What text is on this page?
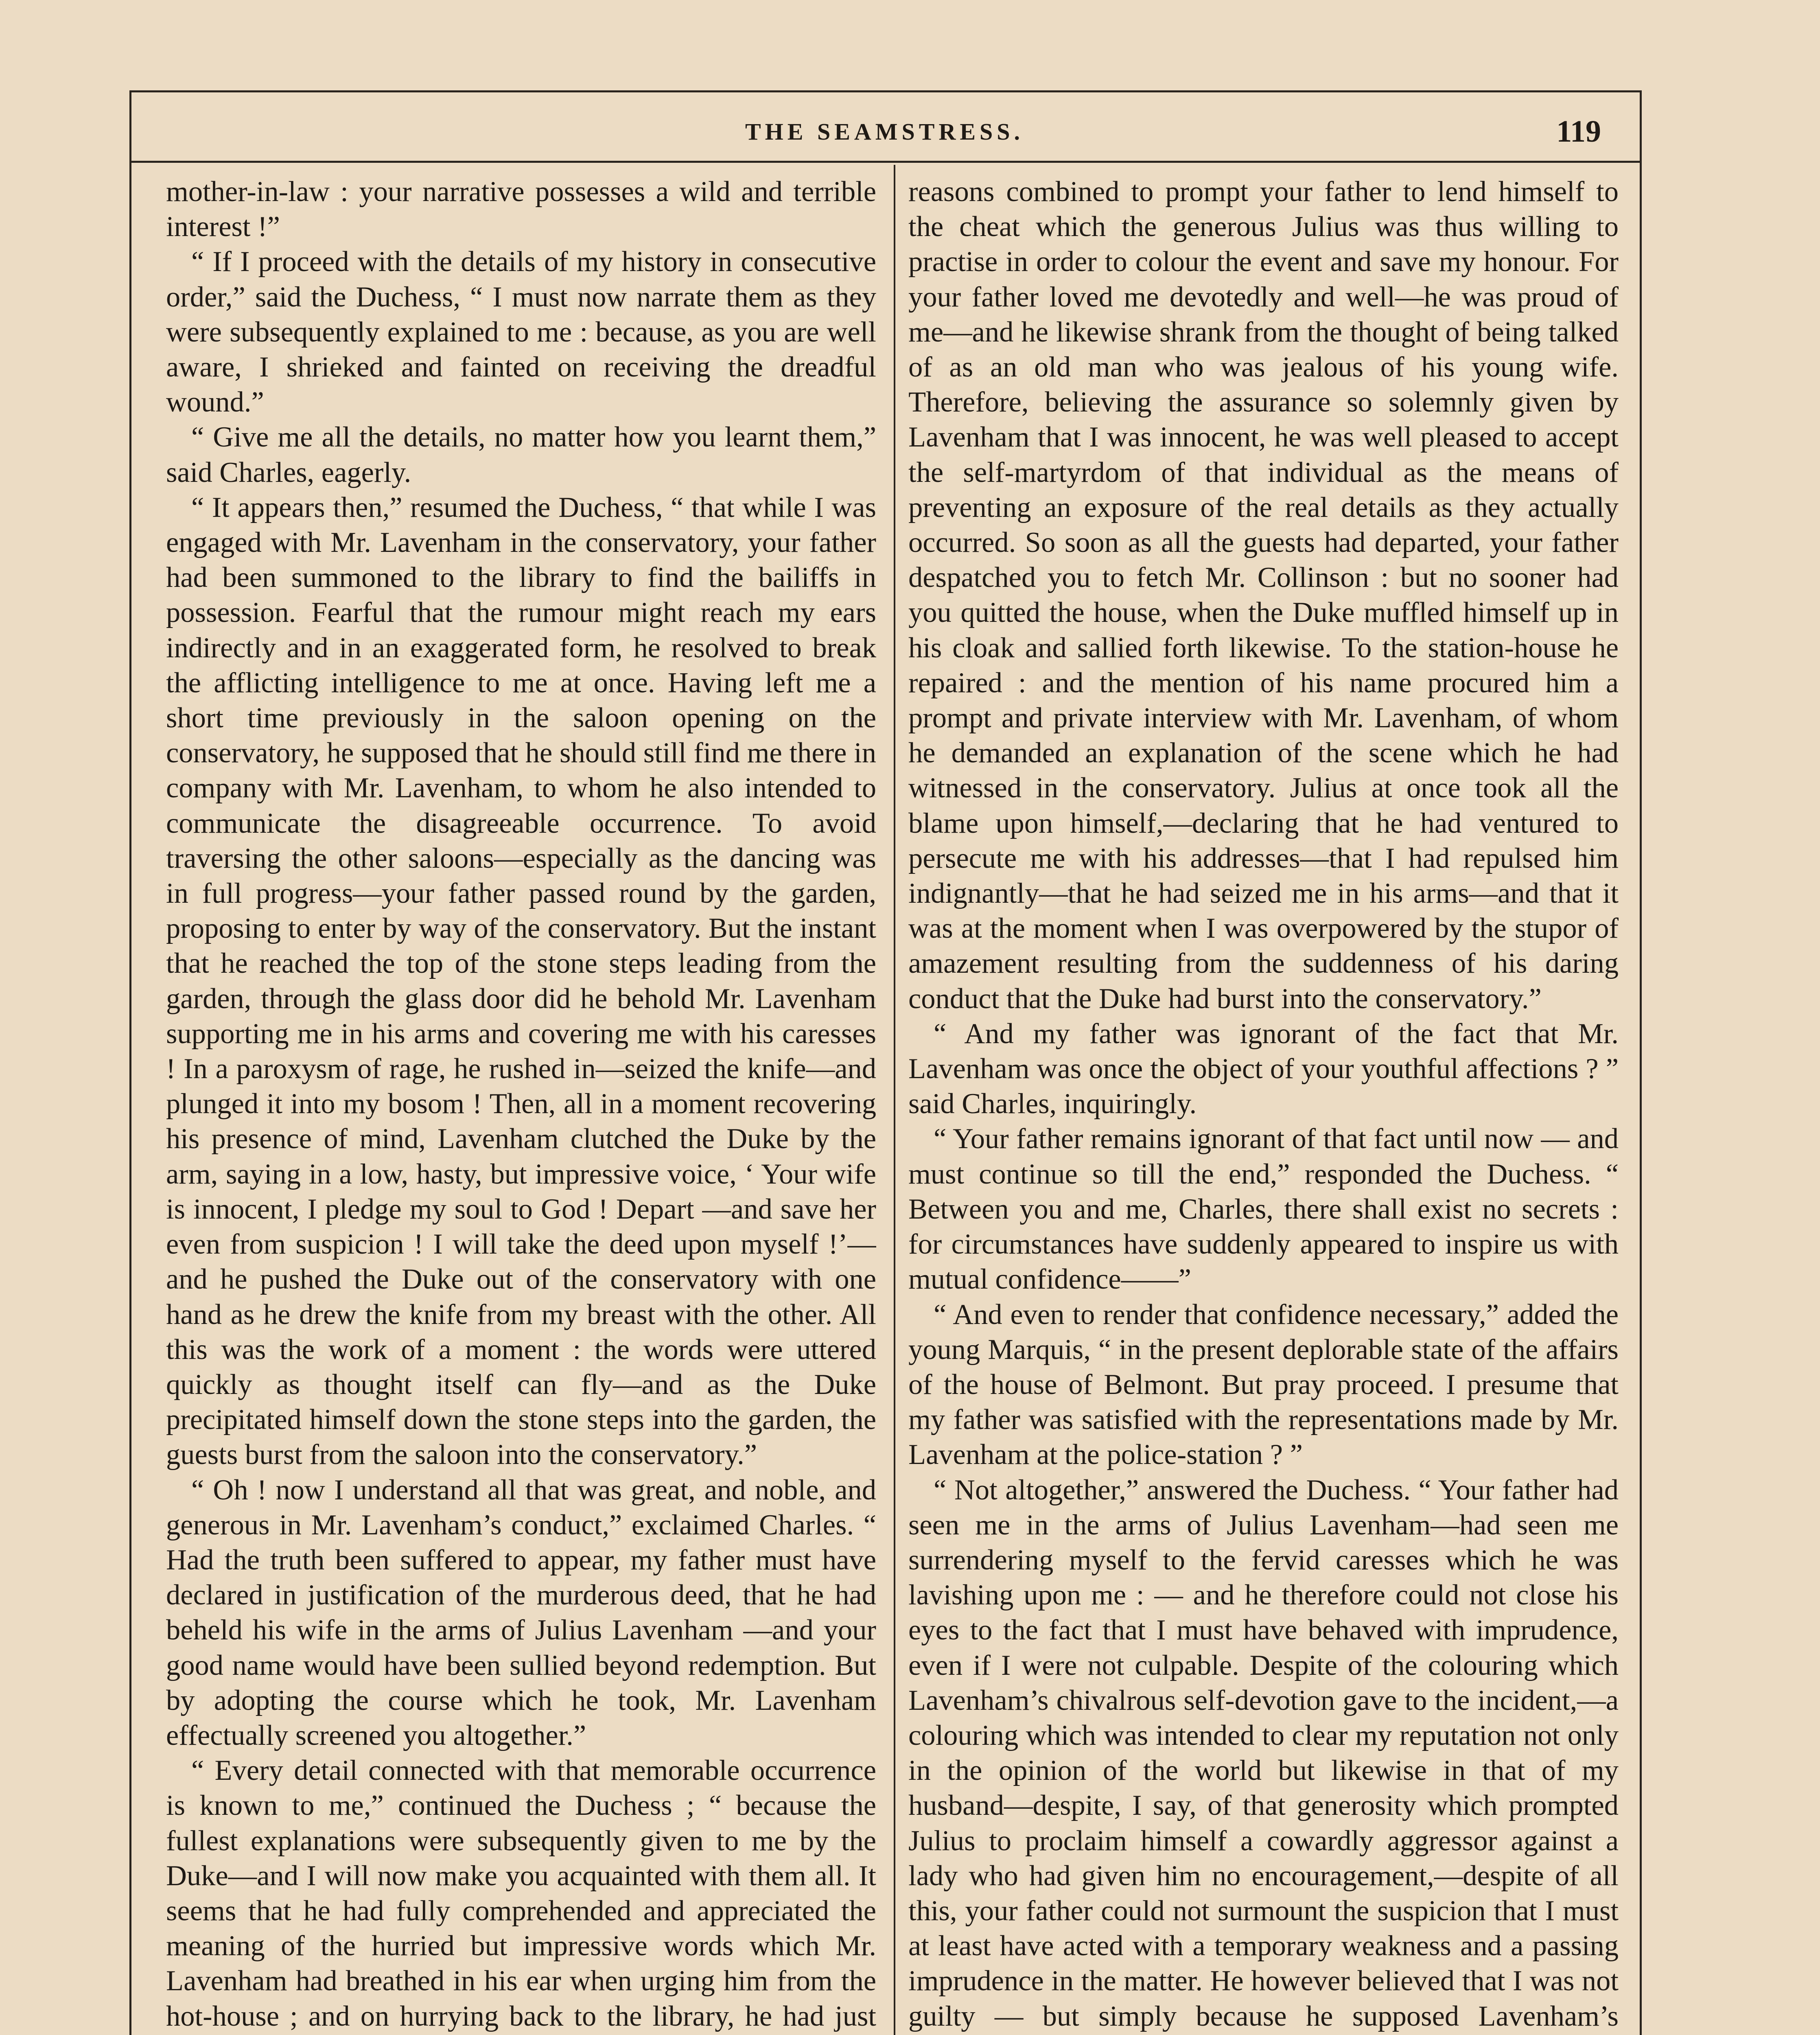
THE SEAMSTRESS.	119

mother-in-law : your narrative possesses a wild and terrible interest !”

“ If I proceed with the details of my history in consecutive order,” said the Duchess, “ I must now narrate them as they were subsequently explained to me : because, as you are well aware, I shrieked and fainted on receiving the dreadful wound.”

“ Give me all the details, no matter how you learnt them,” said Charles, eagerly.

“ It appears then,” resumed the Duchess, “ that while I was engaged with Mr. Lavenham in the conservatory, your father had been summoned to the library to find the bailiffs in possession. Fearful that the rumour might reach my ears indirectly and in an exaggerated form, he resolved to break the afflicting intelligence to me at once. Having left me a short time previously in the saloon opening on the conservatory, he supposed that he should still find me there in company with Mr. Lavenham, to whom he also intended to communicate the disagreeable occurrence. To avoid traversing the other saloons—especially as the dancing was in full progress—your father passed round by the garden, proposing to enter by way of the conservatory. But the instant that he reached the top of the stone steps leading from the garden, through the glass door did he behold Mr. Lavenham supporting me in his arms and covering me with his caresses ! In a paroxysm of rage, he rushed in—seized the knife—and plunged it into my bosom ! Then, all in a moment recovering his presence of mind, Lavenham clutched the Duke by the arm, saying in a low, hasty, but impressive voice, ‘ Your wife is innocent, I pledge my soul to God ! Depart —and save her even from suspicion ! I will take the deed upon myself !’—and he pushed the Duke out of the conservatory with one hand as he drew the knife from my breast with the other. All this was the work of a moment : the words were uttered quickly as thought itself can fly—and as the Duke precipitated himself down the stone steps into the garden, the guests burst from the saloon into the conservatory.”

“ Oh ! now I understand all that was great, and noble, and generous in Mr. Lavenham’s conduct,” exclaimed Charles. “ Had the truth been suffered to appear, my father must have declared in justification of the murderous deed, that he had beheld his wife in the arms of Julius Lavenham —and your good name would have been sullied beyond redemption. But by adopting the course which he took, Mr. Lavenham effectually screened you altogether.”

“ Every detail connected with that memorable occurrence is known to me,” continued the Duchess ; “ because the fullest explanations were subsequently given to me by the Duke—and I will now make you acquainted with them all. It seems that he had fully comprehended and appreciated the meaning of the hurried but impressive words which Mr. Lavenham had breathed in his ear when urging him from the hot-house ; and on hurrying back to the library, he had just

reasons combined to prompt your father to lend himself to the cheat which the generous Julius was thus willing to practise in order to colour the event and save my honour. For your father loved me devotedly and well—he was proud of me—and he likewise shrank from the thought of being talked of as an old man who was jealous of his young wife. Therefore, believing the assurance so solemnly given by Lavenham that I was innocent, he was well pleased to accept the self-martyrdom of that individual as the means of preventing an exposure of the real details as they actually occurred. So soon as all the guests had departed, your father despatched you to fetch Mr. Collinson : but no sooner had you quitted the house, when the Duke muffled himself up in his cloak and sallied forth likewise. To the station-house he repaired : and the mention of his name procured him a prompt and private interview with Mr. Lavenham, of whom he demanded an explanation of the scene which he had witnessed in the conservatory. Julius at once took all the blame upon himself,—declaring that he had ventured to persecute me with his addresses—that I had repulsed him indignantly—that he had seized me in his arms—and that it was at the moment when I was overpowered by the stupor of amazement resulting from the suddenness of his daring conduct that the Duke had burst into the conservatory.”

“ And my father was ignorant of the fact that Mr. Lavenham was once the object of your youthful affections ? ” said Charles, inquiringly.

“ Your father remains ignorant of that fact until now — and must continue so till the end,” responded the Duchess. “ Between you and me, Charles, there shall exist no secrets : for circumstances have suddenly appeared to inspire us with mutual confidence——”

“ And even to render that confidence necessary,” added the young Marquis, “ in the present deplorable state of the affairs of the house of Belmont. But pray proceed. I presume that my father was satisfied with the representations made by Mr. Lavenham at the police-station ? ”

“ Not altogether,” answered the Duchess. “ Your father had seen me in the arms of Julius Lavenham—had seen me surrendering myself to the fervid caresses which he was lavishing upon me : — and he therefore could not close his eyes to the fact that I must have behaved with imprudence, even if I were not culpable. Despite of the colouring which Lavenham’s chivalrous self-devotion gave to the incident,—a colouring which was intended to clear my reputation not only in the opinion of the world but likewise in that of my husband—despite, I say, of that generosity which prompted Julius to proclaim himself a cowardly aggressor against a lady who had given him no encouragement,—despite of all this, your father could not surmount the suspicion that I must at least have acted with a temporary weakness and a passing imprudence in the matter. He however believed that I was not guilty — but simply because he supposed Lavenham’s
